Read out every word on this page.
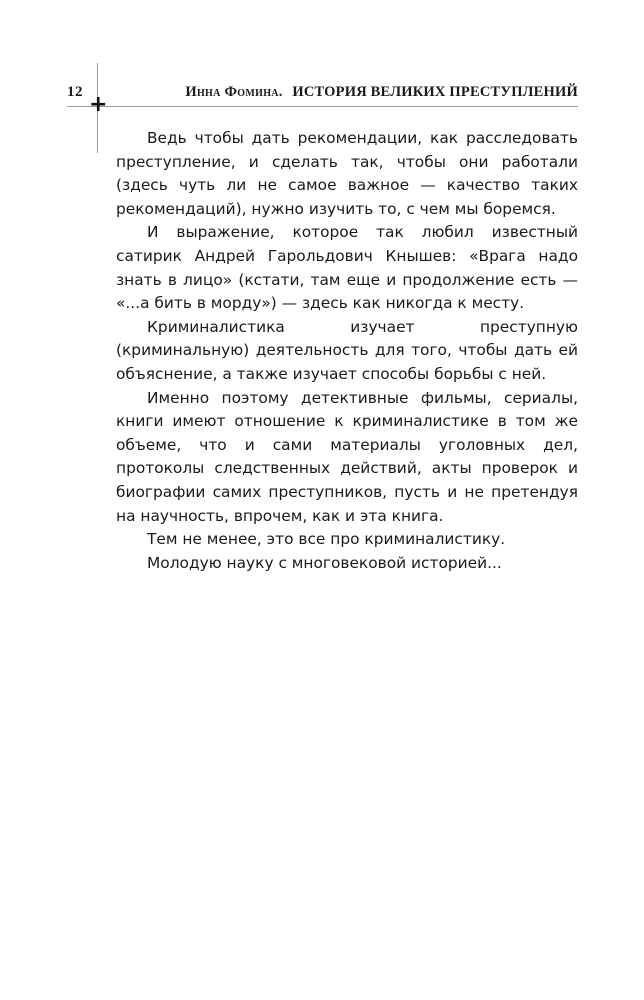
12	Инна Фомина. ИСТОРИЯ ВЕЛИКИХ ПРЕСТУПЛЕНИЙ
+

Ведь чтобы дать рекомендации, как расследовать преступление, и сделать так, чтобы они работали (здесь чуть ли не самое важное — качество таких рекомендаций), нужно изучить то, с чем мы боремся.

И выражение, которое так любил известный сатирик Андрей Гарольдович Кнышев: «Врага надо знать в лицо» (кстати, там еще и продолжение есть — «...а бить в морду») — здесь как никогда к месту.

Криминалистика изучает преступную (криминальную) деятельность для того, чтобы дать ей объяснение, а также изучает способы борьбы с ней.

Именно поэтому детективные фильмы, сериалы, книги имеют отношение к криминалистике в том же объеме, что и сами материалы уголовных дел, протоколы следственных действий, акты проверок и биографии самих преступников, пусть и не претендуя на научность, впрочем, как и эта книга.

Тем не менее, это все про криминалистику.

Молодую науку с многовековой историей...
